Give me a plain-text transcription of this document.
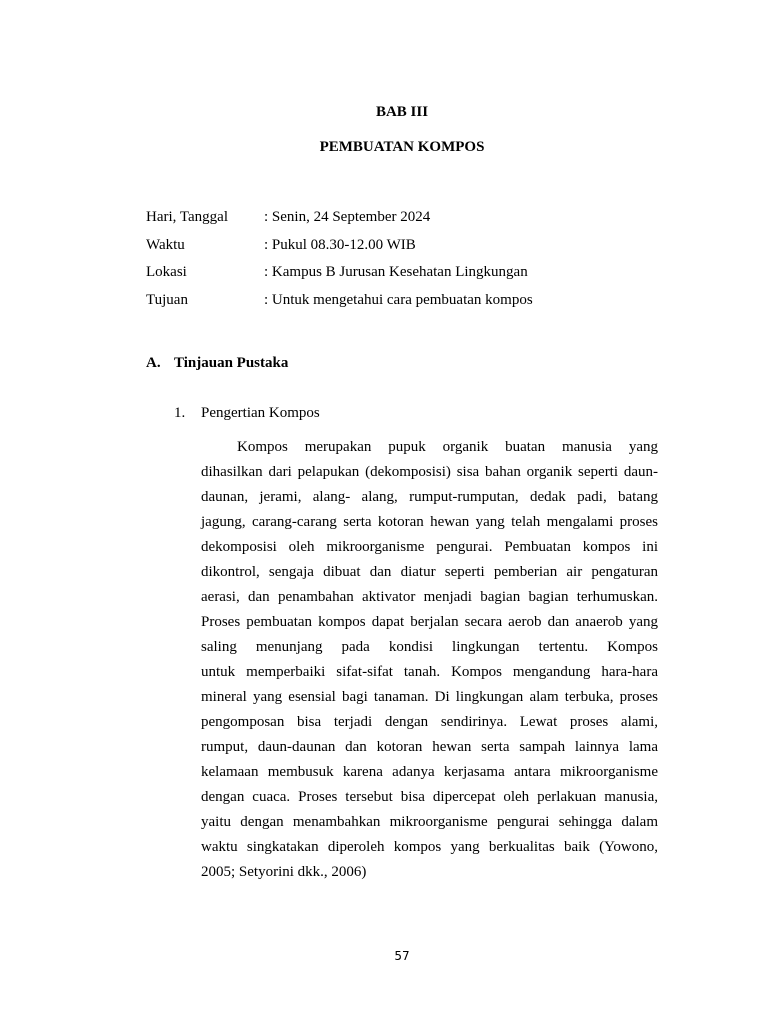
BAB III
PEMBUATAN KOMPOS
Hari, Tanggal : Senin, 24 September 2024
Waktu	: Pukul 08.30-12.00 WIB
Lokasi	: Kampus B Jurusan Kesehatan Lingkungan
Tujuan	: Untuk mengetahui cara pembuatan kompos
A. Tinjauan Pustaka
1. Pengertian Kompos
Kompos merupakan pupuk organik buatan manusia yang
dihasilkan dari pelapukan (dekomposisi) sisa bahan organik seperti daun-
daunan, jerami, alang- alang, rumput-rumputan, dedak padi, batang
jagung, carang-carang serta kotoran hewan yang telah mengalami proses
dekomposisi oleh mikroorganisme pengurai. Pembuatan kompos ini
dikontrol, sengaja dibuat dan diatur seperti pemberian air pengaturan
aerasi, dan penambahan aktivator menjadi bagian bagian terhumuskan.
Proses pembuatan kompos dapat berjalan secara aerob dan anaerob yang
saling menunjang pada kondisi lingkungan tertentu. Kompos
untuk memperbaiki sifat-sifat tanah. Kompos mengandung hara-hara
mineral yang esensial bagi tanaman. Di lingkungan alam terbuka, proses
pengomposan bisa terjadi dengan sendirinya. Lewat proses alami,
rumput, daun-daunan dan kotoran hewan serta sampah lainnya lama
kelamaan membusuk karena adanya kerjasama antara mikroorganisme
dengan cuaca. Proses tersebut bisa dipercepat oleh perlakuan manusia,
yaitu dengan menambahkan mikroorganisme pengurai sehingga dalam
waktu singkatakan diperoleh kompos yang berkualitas baik (Yowono,
2005; Setyorini dkk., 2006)
57
